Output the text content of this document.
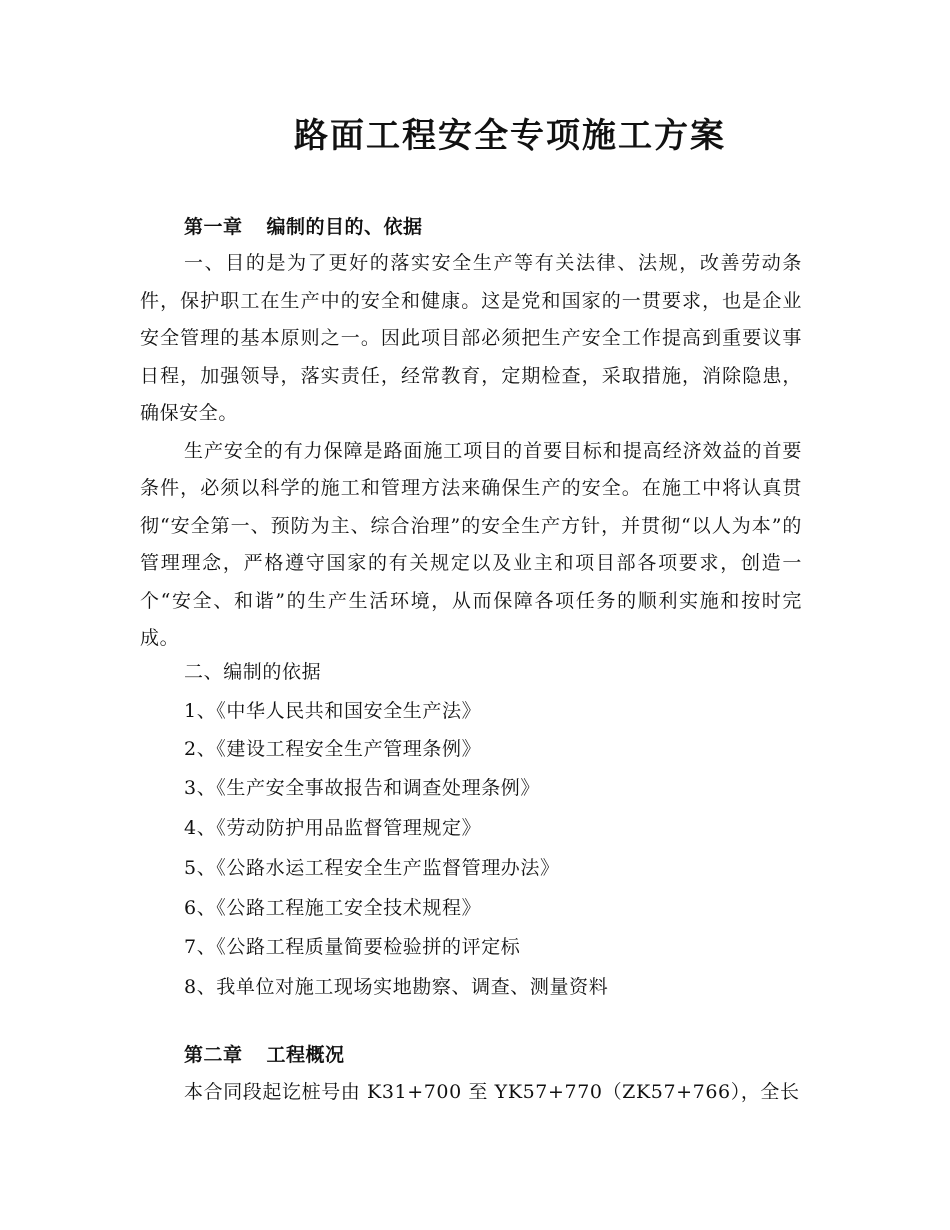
路面工程安全专项施工方案
第一章 编制的目的、依据

一、目的是为了更好的落实安全生产等有关法律、法规，改善劳动条件，保护职工在生产中的安全和健康。这是党和国家的一贯要求，也是企业安全管理的基本原则之一。因此项目部必须把生产安全工作提高到重要议事日程，加强领导，落实责任，经常教育，定期检查，采取措施，消除隐患，确保安全。

生产安全的有力保障是路面施工项目的首要目标和提高经济效益的首要条件，必须以科学的施工和管理方法来确保生产的安全。在施工中将认真贯彻“安全第一、预防为主、综合治理”的安全生产方针，并贯彻“以人为本”的管理理念，严格遵守国家的有关规定以及业主和项目部各项要求，创造一个“安全、和谐”的生产生活环境，从而保障各项任务的顺利实施和按时完成。

二、编制的依据
1、《中华人民共和国安全生产法》
2、《建设工程安全生产管理条例》
3、《生产安全事故报告和调查处理条例》
4、《劳动防护用品监督管理规定》
5、《公路水运工程安全生产监督管理办法》
6、《公路工程施工安全技术规程》
7、《公路工程质量简要检验拼的评定标
8、我单位对施工现场实地勘察、调查、测量资料
第二章 工程概况
本合同段起讫桩号由 K31+700 至 YK57+770（ZK57+766），全长
